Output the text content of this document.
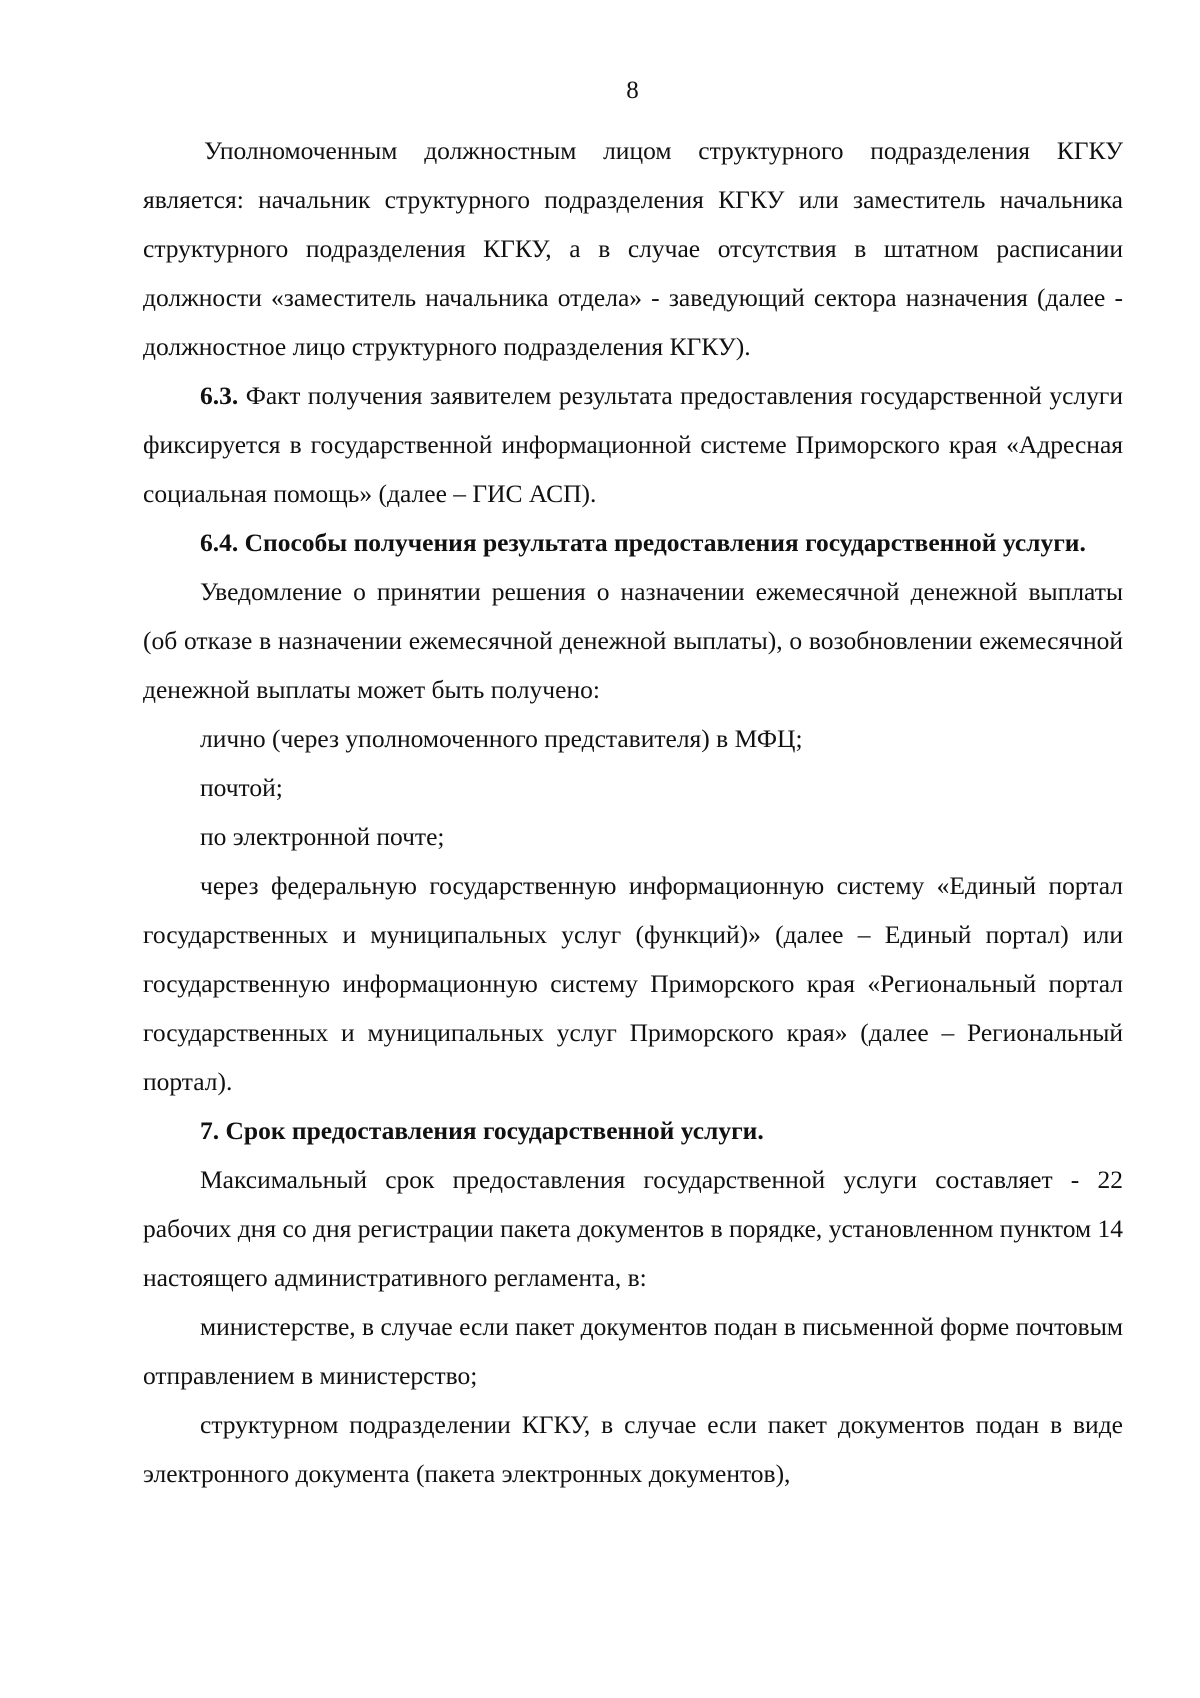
8

Уполномоченным должностным лицом структурного подразделения КГКУ является: начальник структурного подразделения КГКУ или заместитель начальника структурного подразделения КГКУ, а в случае отсутствия в штатном расписании должности «заместитель начальника отдела» - заведующий сектора назначения (далее - должностное лицо структурного подразделения КГКУ).

6.3. Факт получения заявителем результата предоставления государственной услуги фиксируется в государственной информационной системе Приморского края «Адресная социальная помощь» (далее – ГИС АСП).

6.4. Способы получения результата предоставления государственной услуги.

Уведомление о принятии решения о назначении ежемесячной денежной выплаты (об отказе в назначении ежемесячной денежной выплаты), о возобновлении ежемесячной денежной выплаты может быть получено:

лично (через уполномоченного представителя) в МФЦ;

почтой;

по электронной почте;

через федеральную государственную информационную систему «Единый портал государственных и муниципальных услуг (функций)» (далее – Единый портал) или государственную информационную систему Приморского края «Региональный портал государственных и муниципальных услуг Приморского края» (далее – Региональный портал).

7. Срок предоставления государственной услуги.

Максимальный срок предоставления государственной услуги составляет - 22 рабочих дня со дня регистрации пакета документов в порядке, установленном пунктом 14 настоящего административного регламента, в:

министерстве, в случае если пакет документов подан в письменной форме почтовым отправлением в министерство;

структурном подразделении КГКУ, в случае если пакет документов подан в виде электронного документа (пакета электронных документов),
